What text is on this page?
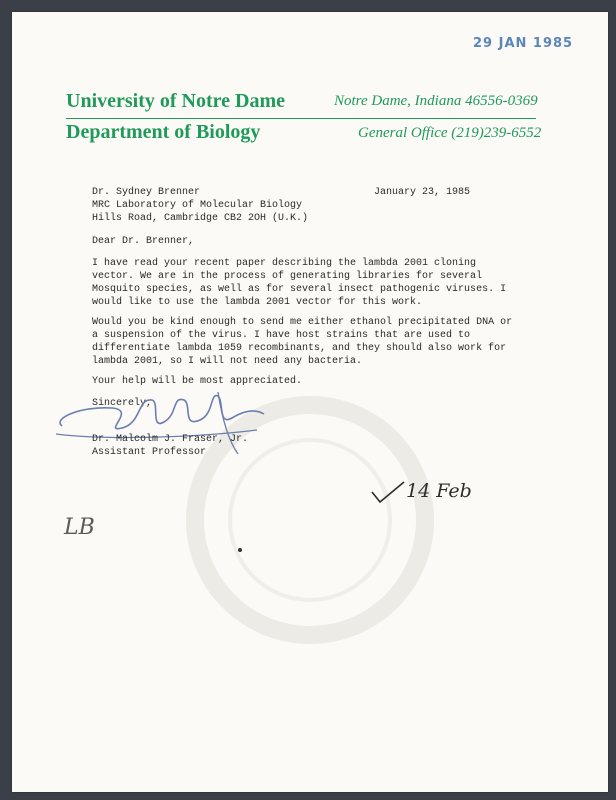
29 JAN 1985
University of Notre Dame	Notre Dame, Indiana 46556-0369
Department of Biology	General Office (219)239-6552
Dr. Sydney Brenner
MRC Laboratory of Molecular Biology
Hills Road, Cambridge CB2 2OH (U.K.)
January 23, 1985
Dear Dr. Brenner,
I have read your recent paper describing the lambda 2001 cloning
vector. We are in the process of generating libraries for several
Mosquito species, as well as for several insect pathogenic viruses. I
would like to use the lambda 2001 vector for this work.
Would you be kind enough to send me either ethanol precipitated DNA or
a suspension of the virus. I have host strains that are used to
differentiate lambda 1059 recombinants, and they should also work for
lambda 2001, so I will not need any bacteria.
Your help will be most appreciated.
Sincerely,
Dr. Malcolm J. Fraser, Jr.
Assistant Professor
14 Feb
LB
